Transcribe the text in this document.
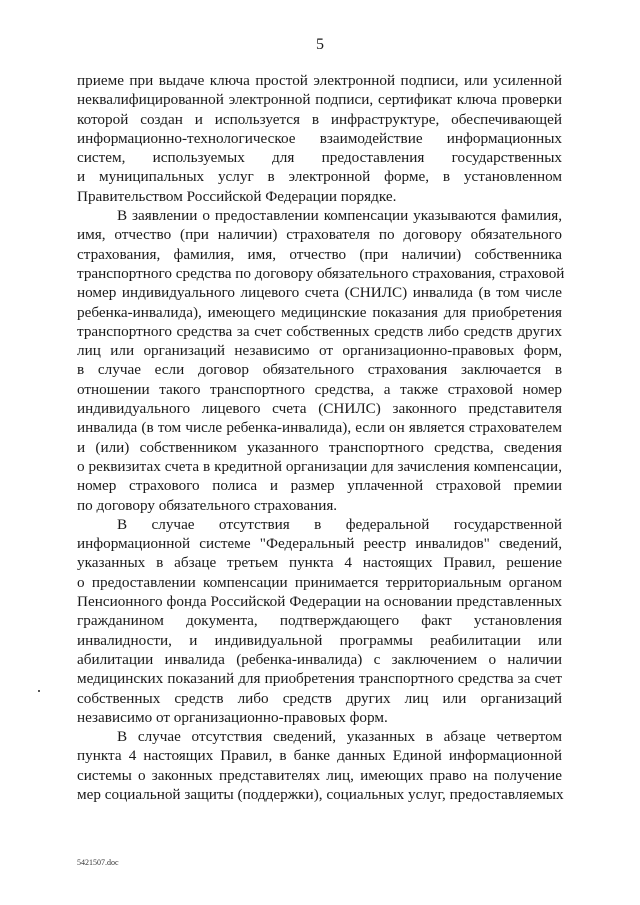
5
приеме при выдаче ключа простой электронной подписи, или усиленной
неквалифицированной электронной подписи, сертификат ключа проверки
которой создан и используется в инфраструктуре, обеспечивающей
информационно-технологическое взаимодействие информационных
систем, используемых для предоставления государственных
и муниципальных услуг в электронной форме, в установленном
Правительством Российской Федерации порядке.
В заявлении о предоставлении компенсации указываются фамилия,
имя, отчество (при наличии) страхователя по договору обязательного
страхования, фамилия, имя, отчество (при наличии) собственника
транспортного средства по договору обязательного страхования, страховой
номер индивидуального лицевого счета (СНИЛС) инвалида (в том числе
ребенка-инвалида), имеющего медицинские показания для приобретения
транспортного средства за счет собственных средств либо средств других
лиц или организаций независимо от организационно-правовых форм,
в случае если договор обязательного страхования заключается в
отношении такого транспортного средства, а также страховой номер
индивидуального лицевого счета (СНИЛС) законного представителя
инвалида (в том числе ребенка-инвалида), если он является страхователем
и (или) собственником указанного транспортного средства, сведения
о реквизитах счета в кредитной организации для зачисления компенсации,
номер страхового полиса и размер уплаченной страховой премии
по договору обязательного страхования.
В случае отсутствия в федеральной государственной
информационной системе "Федеральный реестр инвалидов" сведений,
указанных в абзаце третьем пункта 4 настоящих Правил, решение
о предоставлении компенсации принимается территориальным органом
Пенсионного фонда Российской Федерации на основании представленных
гражданином документа, подтверждающего факт установления
инвалидности, и индивидуальной программы реабилитации или
абилитации инвалида (ребенка-инвалида) с заключением о наличии
медицинских показаний для приобретения транспортного средства за счет
собственных средств либо средств других лиц или организаций
независимо от организационно-правовых форм.
В случае отсутствия сведений, указанных в абзаце четвертом
пункта 4 настоящих Правил, в банке данных Единой информационной
системы о законных представителях лиц, имеющих право на получение
мер социальной защиты (поддержки), социальных услуг, предоставляемых
5421507.doc
